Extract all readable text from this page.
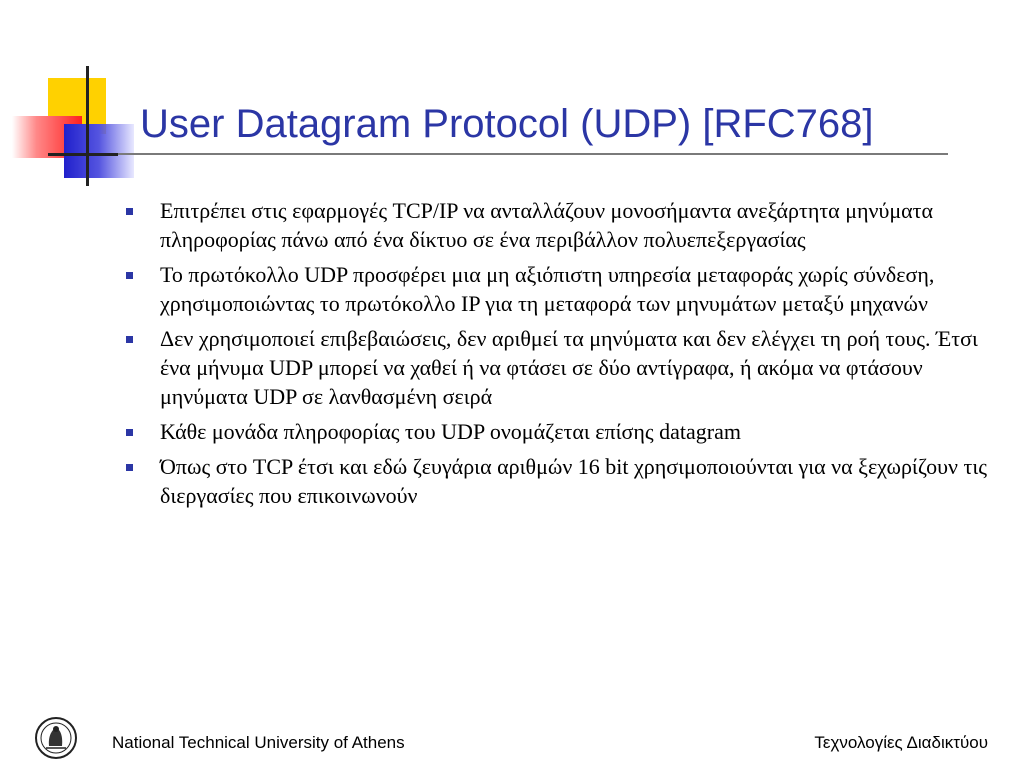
User Datagram Protocol (UDP) [RFC768]
Επιτρέπει στις εφαρμογές TCP/IP να ανταλλάζουν μονοσήμαντα ανεξάρτητα μηνύματα πληροφορίας πάνω από ένα δίκτυο σε ένα περιβάλλον πολυεπεξεργασίας
Το πρωτόκολλο UDP προσφέρει μια μη αξιόπιστη υπηρεσία μεταφοράς χωρίς σύνδεση, χρησιμοποιώντας το πρωτόκολλο IP για τη μεταφορά των μηνυμάτων μεταξύ μηχανών
Δεν χρησιμοποιεί επιβεβαιώσεις, δεν αριθμεί τα μηνύματα και δεν ελέγχει τη ροή τους. Έτσι ένα μήνυμα UDP μπορεί να χαθεί ή να φτάσει σε δύο αντίγραφα, ή ακόμα να φτάσουν μηνύματα UDP σε λανθασμένη σειρά
Κάθε μονάδα πληροφορίας του UDP ονομάζεται επίσης datagram
Όπως στο TCP έτσι και εδώ ζευγάρια αριθμών 16 bit χρησιμοποιούνται για να ξεχωρίζουν τις διεργασίες που επικοινωνούν
National Technical University of Athens	Τεχνολογίες Διαδικτύου
